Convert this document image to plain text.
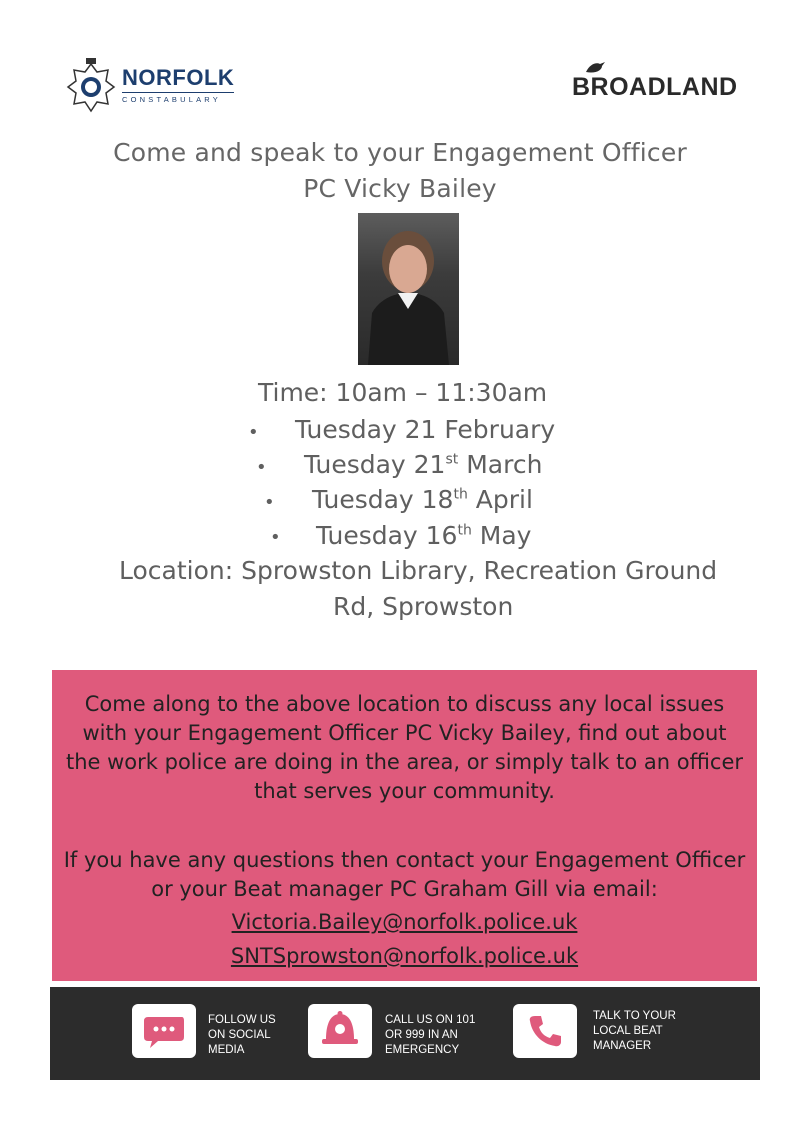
NORFOLK
CONSTABULARY	BROADLAND
Come and speak to your Engagement Officer
PC Vicky Bailey
Time: 10am – 11:30am
• Tuesday 21 February
• Tuesday 21st March
• Tuesday 18th April
• Tuesday 16th May
Location: Sprowston Library, Recreation Ground
Rd, Sprowston
Come along to the above location to discuss any local issues
with your Engagement Officer PC Vicky Bailey, find out about
the work police are doing in the area, or simply talk to an officer
that serves your community.
If you have any questions then contact your Engagement Officer
or your Beat manager PC Graham Gill via email:
Victoria.Bailey@norfolk.police.uk
SNTSprowston@norfolk.police.uk
FOLLOW US
ON SOCIAL
MEDIA
CALL US ON 101
OR 999 IN AN
EMERGENCY
TALK TO YOUR
LOCAL BEAT
MANAGER
